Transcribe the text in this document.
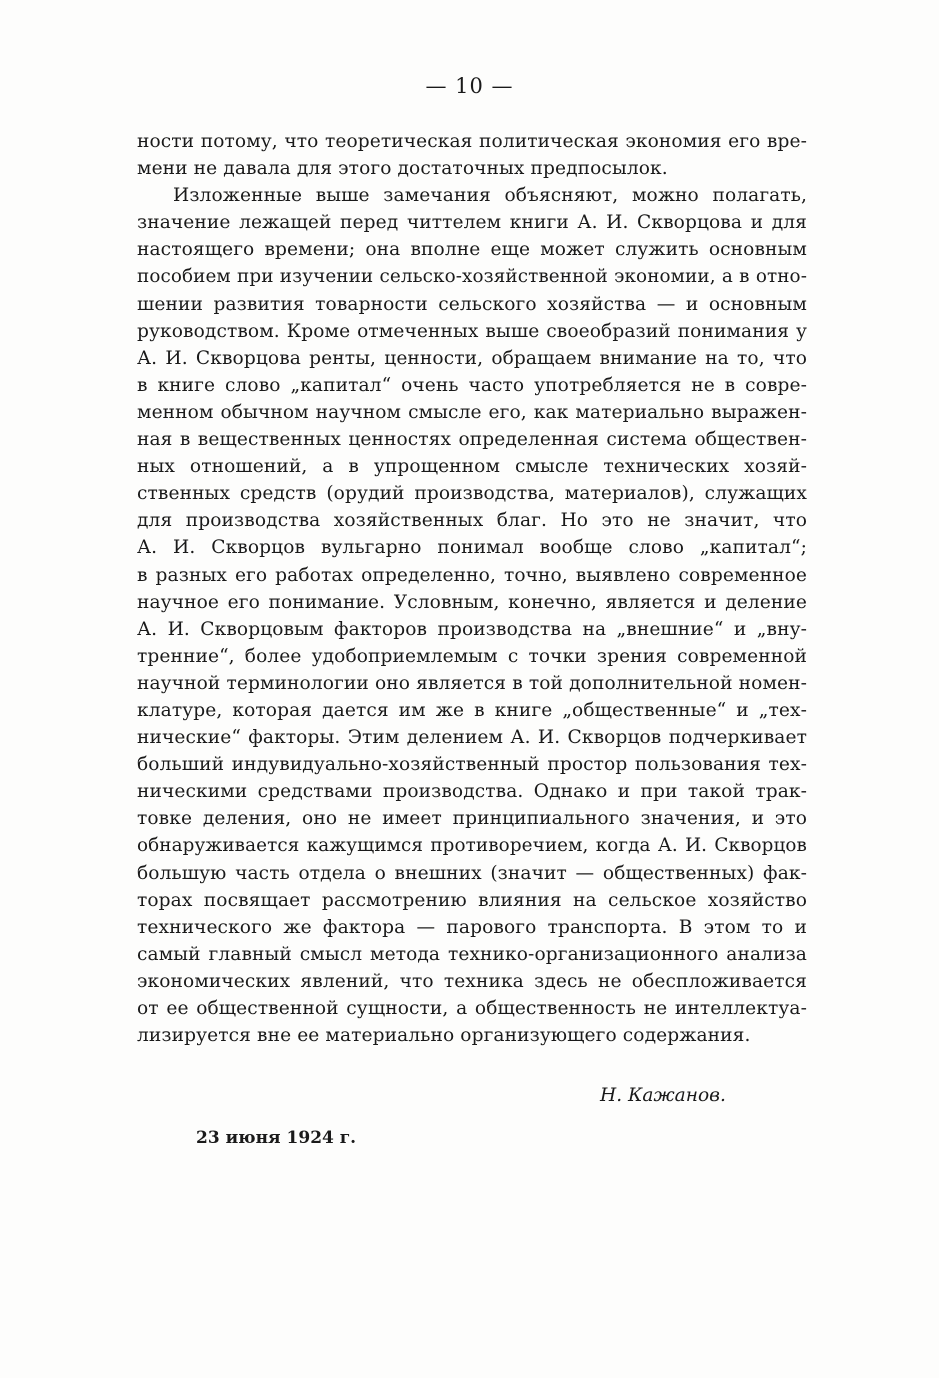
— 10 —
ности потому, что теоретическая политическая экономия его вре-
мени не давала для этого достаточных предпосылок.
Изложенные выше замечания объясняют, можно полагать,
значение лежащей перед читтелем книги А. И. Скворцова и для
настоящего времени; она вполне еще может служить основным
пособием при изучении сельско-хозяйственной экономии, а в отно-
шении развития товарности сельского хозяйства — и основным
руководством. Кроме отмеченных выше своеобразий понимания у
А. И. Скворцова ренты, ценности, обращаем внимание на то, что
в книге слово „капитал“ очень часто употребляется не в совре-
менном обычном научном смысле его, как материально выражен-
ная в вещественных ценностях определенная система обществен-
ных отношений, а в упрощенном смысле технических хозяй-
ственных средств (орудий производства, материалов), служащих
для производства хозяйственных благ. Но это не значит, что
А. И. Скворцов вульгарно понимал вообще слово „капитал“;
в разных его работах определенно, точно, выявлено современное
научное его понимание. Условным, конечно, является и деление
А. И. Скворцовым факторов производства на „внешние“ и „вну-
тренние“, более удобоприемлемым с точки зрения современной
научной терминологии оно является в той дополнительной номен-
клатуре, которая дается им же в книге „общественные“ и „тех-
нические“ факторы. Этим делением А. И. Скворцов подчеркивает
больший индувидуально-хозяйственный простор пользования тех-
ническими средствами производства. Однако и при такой трак-
товке деления, оно не имеет принципиального значения, и это
обнаруживается кажущимся противоречием, когда А. И. Скворцов
большую часть отдела о внешних (значит — общественных) фак-
торах посвящает рассмотрению влияния на сельское хозяйство
технического же фактора — парового транспорта. В этом то и
самый главный смысл метода технико-организационного анализа
экономических явлений, что техника здесь не обеспложивается
от ее общественной сущности, а общественность не интеллектуа-
лизируется вне ее материально организующего содержания.
Н. Кажанов.
23 июня 1924 г.
